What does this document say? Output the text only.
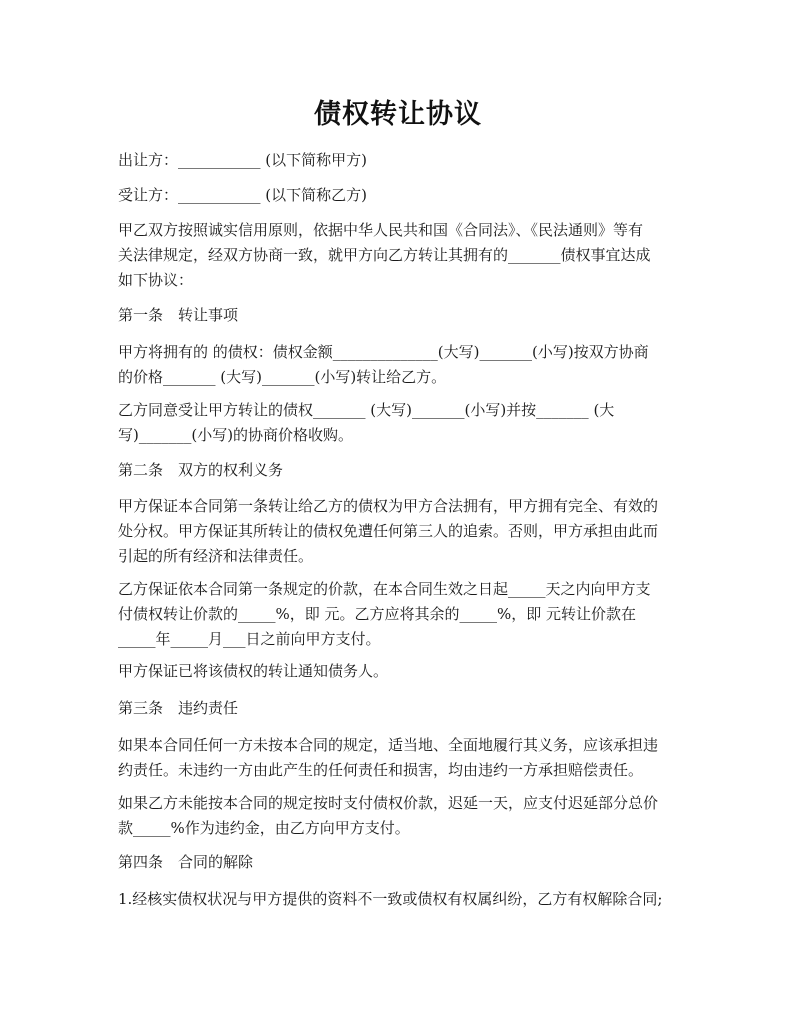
债权转让协议

出让方：___________ (以下简称甲方)

受让方：___________ (以下简称乙方)

甲乙双方按照诚实信用原则，依据中华人民共和国《合同法》、《民法通则》等有
关法律规定，经双方协商一致，就甲方向乙方转让其拥有的_______债权事宜达成
如下协议：

第一条　转让事项

甲方将拥有的 的债权：债权金额______________(大写)_______(小写)按双方协商
的价格_______ (大写)_______(小写)转让给乙方。

乙方同意受让甲方转让的债权_______ (大写)_______(小写)并按_______ (大
写)_______(小写)的协商价格收购。

第二条　双方的权利义务

甲方保证本合同第一条转让给乙方的债权为甲方合法拥有，甲方拥有完全、有效的
处分权。甲方保证其所转让的债权免遭任何第三人的追索。否则，甲方承担由此而
引起的所有经济和法律责任。

乙方保证依本合同第一条规定的价款，在本合同生效之日起_____天之内向甲方支
付债权转让价款的_____%，即 元。乙方应将其余的_____%，即 元转让价款在
_____年_____月___日之前向甲方支付。

甲方保证已将该债权的转让通知债务人。

第三条　违约责任

如果本合同任何一方未按本合同的规定，适当地、全面地履行其义务，应该承担违
约责任。未违约一方由此产生的任何责任和损害，均由违约一方承担赔偿责任。

如果乙方未能按本合同的规定按时支付债权价款，迟延一天，应支付迟延部分总价
款_____%作为违约金，由乙方向甲方支付。

第四条　合同的解除

1.经核实债权状况与甲方提供的资料不一致或债权有权属纠纷，乙方有权解除合同;
